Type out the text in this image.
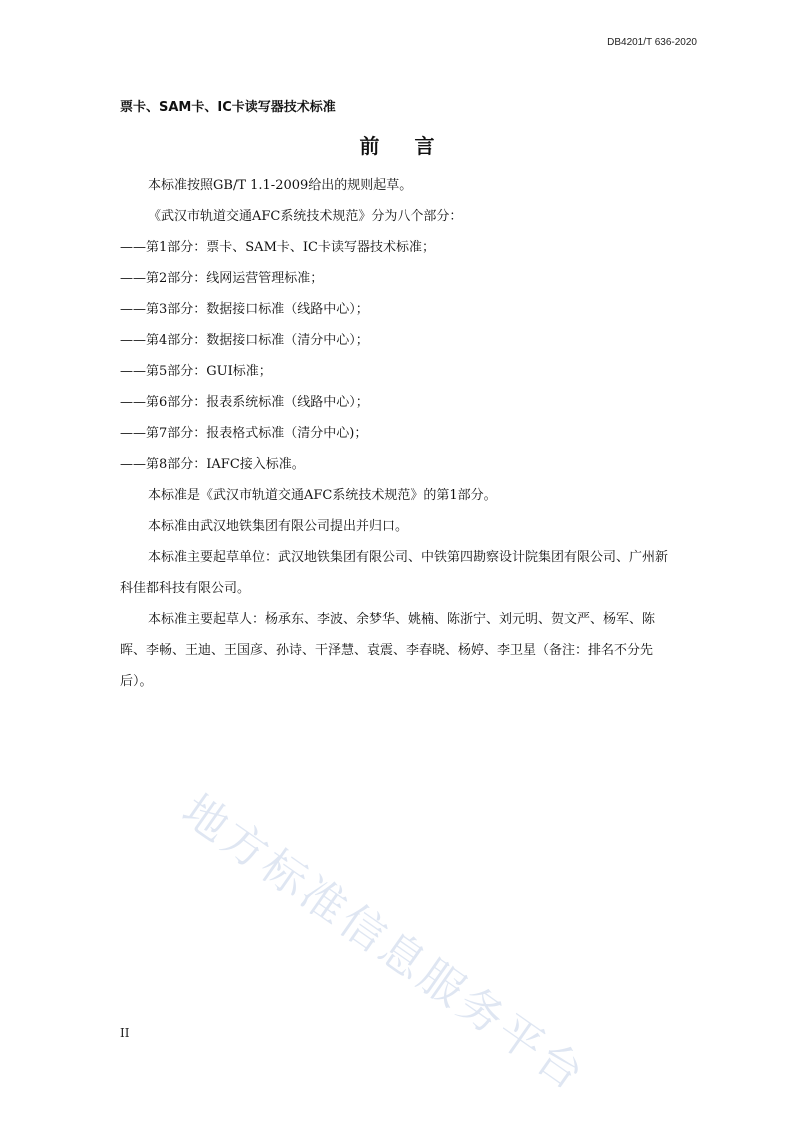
DB4201/T 636-2020
票卡、SAM卡、IC卡读写器技术标准
前 言

本标准按照GB/T 1.1-2009给出的规则起草。

《武汉市轨道交通AFC系统技术规范》分为八个部分：

——第1部分：票卡、SAM卡、IC卡读写器技术标准；

——第2部分：线网运营管理标准；

——第3部分：数据接口标准（线路中心）；

——第4部分：数据接口标准（清分中心）；

——第5部分：GUI标准；

——第6部分：报表系统标准（线路中心）；

——第7部分：报表格式标准（清分中心)；

——第8部分：IAFC接入标准。

本标准是《武汉市轨道交通AFC系统技术规范》的第1部分。

本标准由武汉地铁集团有限公司提出并归口。

本标准主要起草单位：武汉地铁集团有限公司、中铁第四勘察设计院集团有限公司、广州新科佳都科技有限公司。

本标准主要起草人：杨承东、李波、余梦华、姚楠、陈浙宁、刘元明、贺文严、杨军、陈晖、李畅、王迪、王国彦、孙诗、干泽慧、袁震、李春晓、杨婷、李卫星（备注：排名不分先后）。

地方标准信息服务平台
II
